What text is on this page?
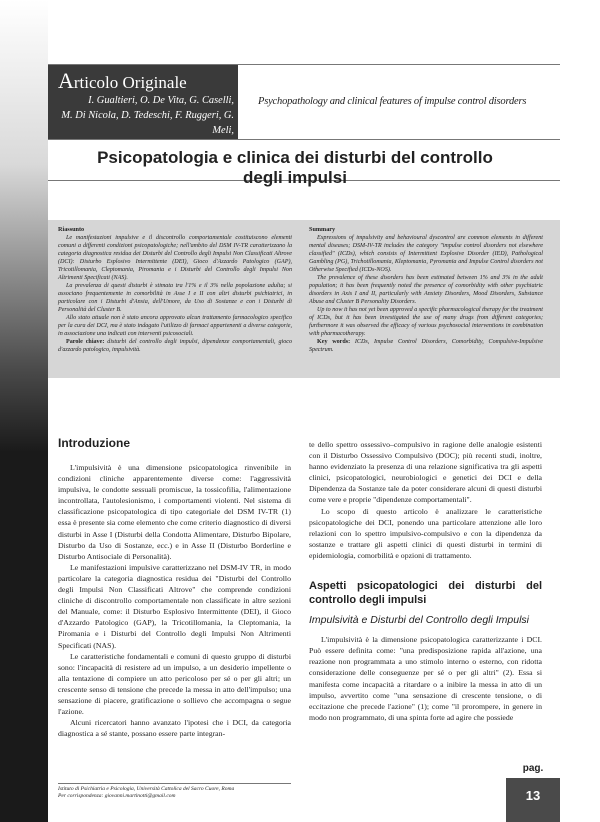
Articolo Originale
I. Gualtieri, O. De Vita, G. Caselli,
M. Di Nicola, D. Tedeschi, F. Ruggeri, G. Meli,
G. Martinotti, G. Pozzi, L. Janiri
Psychopathology and clinical features of impulse control disorders
Psicopatologia e clinica dei disturbi del controllo degli impulsi
Riassunto

Le manifestazioni impulsive e il discontrollo comportamentale costituiscono elementi comuni a differenti condizioni psicopatologiche; nell'ambito del DSM IV-TR caratterizzano la categoria diagnostica residua dei Disturbi del Controllo degli Impulsi Non Classificati Altrove (DCI): Disturbo Esplosivo Intermittente (DEI), Gioco d'Azzardo Patologico (GAP), Tricotillomania, Cleptomania, Piromania e i Disturbi del Controllo degli Impulsi Non Altrimenti Specificati (NAS).

La prevalenza di questi disturbi è stimata tra l'1% e il 3% nella popolazione adulta; si associano frequentemente in comorbilità in Asse I e II con altri disturbi psichiatrici, in particolare con i Disturbi d'Ansia, dell'Umore, da Uso di Sostanze e con i Disturbi di Personalità del Cluster B.

Allo stato attuale non è stato ancora approvato alcun trattamento farmacologico specifico per la cura dei DCI, ma è stato indagato l'utilizzo di farmaci appartenenti a diverse categorie, in associazione una indicati con interventi psicosociali.

Parole chiave: disturbi del controllo degli impulsi, dipendenze comportamentali, gioco d'azzardo patologico, impulsività.

Summary

Expressions of impulsivity and behavioural dyscontrol are common elements in different mental diseases; DSM-IV-TR includes the category "impulse control disorders not elsewhere classified" (ICDs), which consists of Intermittent Explosive Disorder (IED), Pathological Gambling (PG), Trichotillomania, Kleptomania, Pyromania and Impulse Control disorders not Otherwise Specified (ICDs-NOS).

The prevalence of these disorders has been estimated between 1% and 3% in the adult population; it has been frequently noted the presence of comorbidity with other psychiatric disorders in Axis I and II, particularly with Anxiety Disorders, Mood Disorders, Substance Abuse and Cluster B Personality Disorders.

Up to now it has not yet been approved a specific pharmacological therapy for the treatment of ICDs, but it has been investigated the use of many drugs from different categories; furthermore it was observed the efficacy of various psychosocial interventions in combination with pharmacotherapy.

Key words: ICDs, Impulse Control Disorders, Comorbidity, Compulsive-Impulsive Spectrum.

Introduzione

L'impulsività è una dimensione psicopatologica rinvenibile in condizioni cliniche apparentemente diverse come: l'aggressività impulsiva, le condotte sessuali promiscue, la tossicofilia, l'alimentazione incontrollata, l'autolesionismo, i comportamenti violenti. Nel sistema di classificazione psicopatologica di tipo categoriale del DSM IV-TR (1) essa è presente sia come elemento che come criterio diagnostico di diversi disturbi in Asse I (Disturbi della Condotta Alimentare, Disturbo Bipolare, Disturbo da Uso di Sostanze, ecc.) e in Asse II (Disturbo Borderline e Disturbo Antisociale di Personalità).

Le manifestazioni impulsive caratterizzano nel DSM-IV TR, in modo particolare la categoria diagnostica residua dei "Disturbi del Controllo degli Impulsi Non Classificati Altrove" che comprende condizioni cliniche di discontrollo comportamentale non classificate in altre sezioni del Manuale, come: il Disturbo Esplosivo Intermittente (DEI), il Gioco d'Azzardo Patologico (GAP), la Tricotillomania, la Cleptomania, la Piromania e i Disturbi del Controllo degli Impulsi Non Altrimenti Specificati (NAS).

Le caratteristiche fondamentali e comuni di questo gruppo di disturbi sono: l'incapacità di resistere ad un impulso, a un desiderio impellente o alla tentazione di compiere un atto pericoloso per sé o per gli altri; un crescente senso di tensione che precede la messa in atto dell'impulso; una sensazione di piacere, gratificazione o sollievo che accompagna o segue l'azione.

Alcuni ricercatori hanno avanzato l'ipotesi che i DCI, da categoria diagnostica a sé stante, possano essere parte integran-

te dello spettro ossessivo–compulsivo in ragione delle analogie esistenti con il Disturbo Ossessivo Compulsivo (DOC); più recenti studi, inoltre, hanno evidenziato la presenza di una relazione significativa tra gli aspetti clinici, psicopatologici, neurobiologici e genetici dei DCI e della Dipendenza da Sostanze tale da poter considerare alcuni di questi disturbi come vere e proprie "dipendenze comportamentali".

Lo scopo di questo articolo è analizzare le caratteristiche psicopatologiche dei DCI, ponendo una particolare attenzione alle loro relazioni con lo spettro impulsivo-compulsivo e con la dipendenza da sostanze e trattare gli aspetti clinici di questi disturbi in termini di epidemiologia, comorbilità e opzioni di trattamento.

Aspetti psicopatologici dei disturbi del controllo degli impulsi
Impulsività e Disturbi del Controllo degli Impulsi

L'impulsività è la dimensione psicopatologica caratterizzante i DCI. Può essere definita come: "una predisposizione rapida all'azione, una reazione non programmata a uno stimolo interno o esterno, con ridotta considerazione delle conseguenze per sé o per gli altri" (2). Essa si manifesta come incapacità a ritardare o a inibire la messa in atto di un impulso, avvertito come "una sensazione di crescente tensione, o di eccitazione che precede l'azione" (1); come "il prorompere, in genere in modo non programmato, di una spinta forte ad agire che possiede

Istituto di Psichiatria e Psicologia, Università Cattolica del Sacro Cuore, Roma
Per corrispondenza: giovanni.martinotti@gmail.com
pag.
13
